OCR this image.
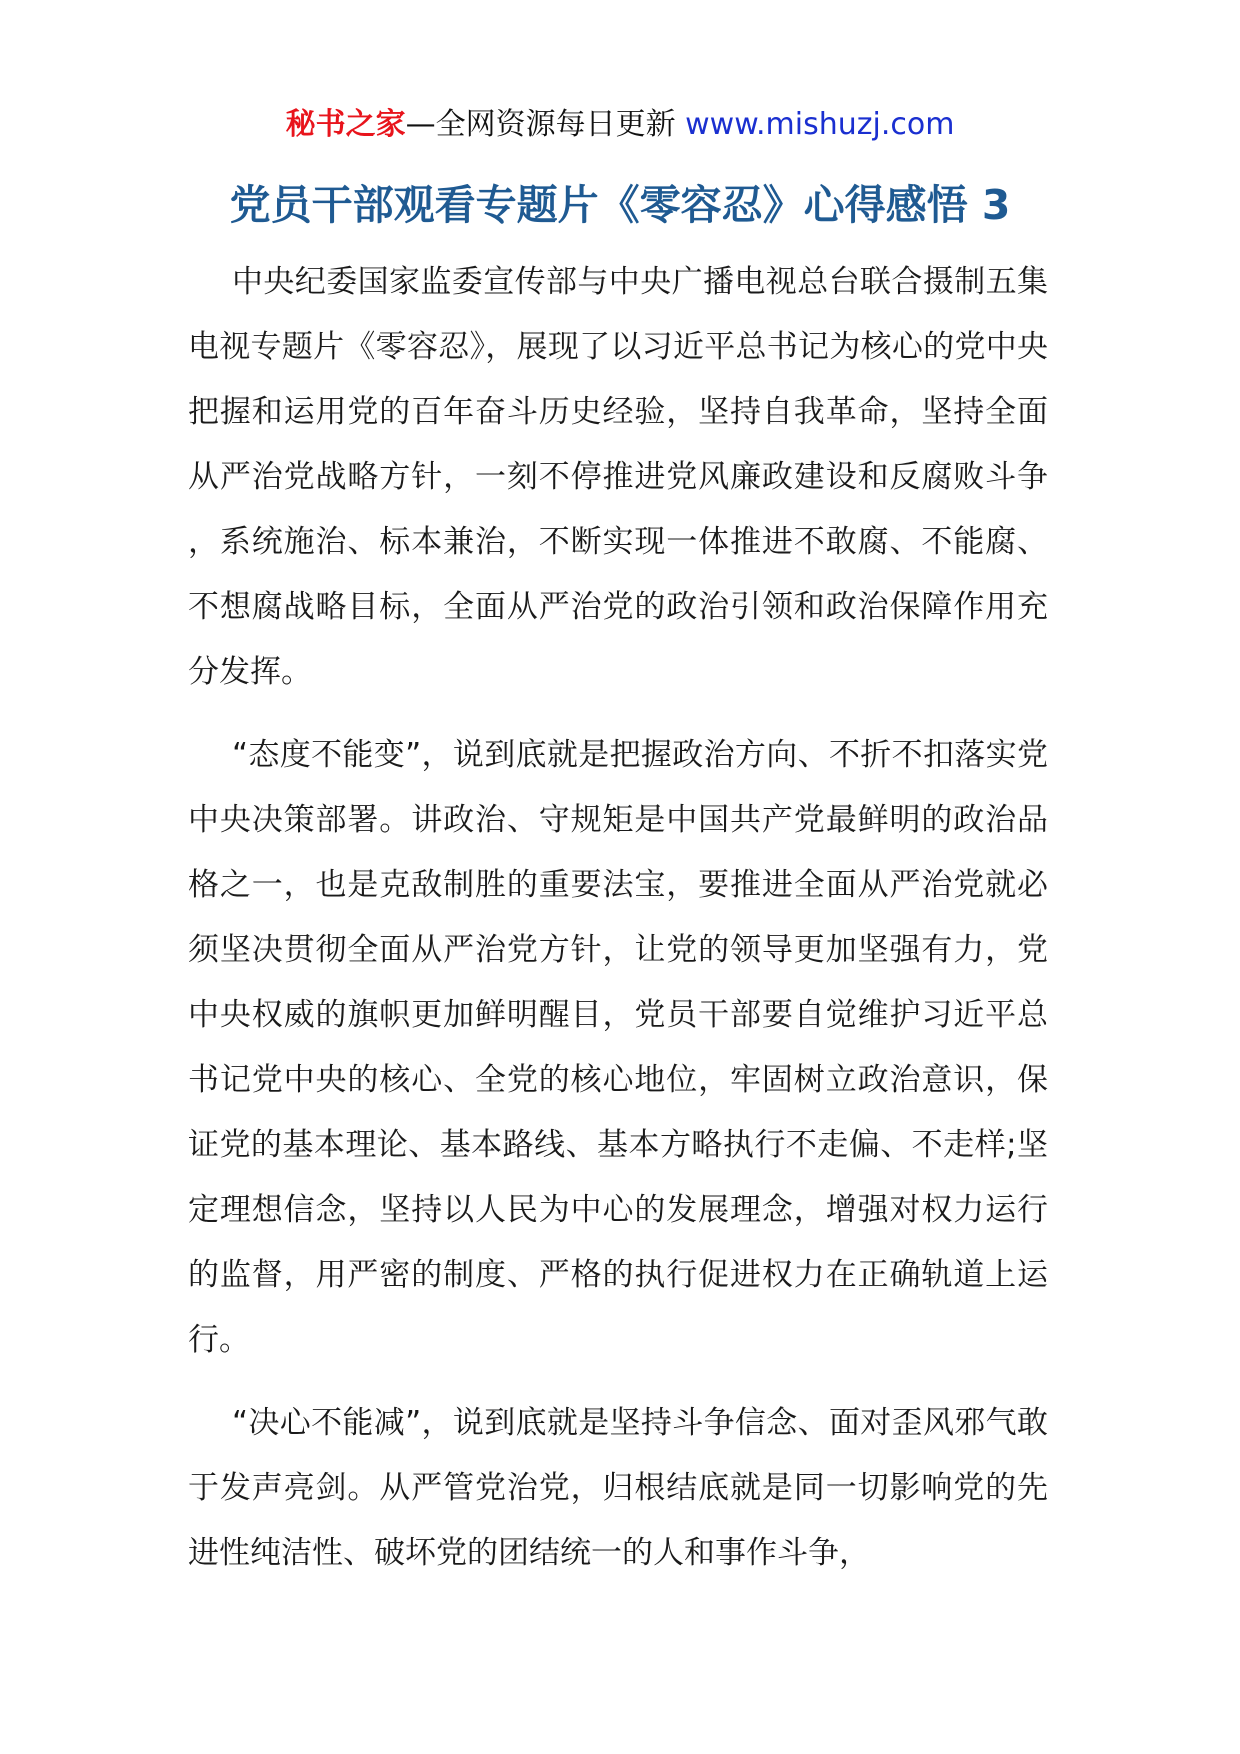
秘书之家—全网资源每日更新 www.mishuzj.com
党员干部观看专题片《零容忍》心得感悟 3

中央纪委国家监委宣传部与中央广播电视总台联合摄制五集电视专题片《零容忍》，展现了以习近平总书记为核心的党中央把握和运用党的百年奋斗历史经验，坚持自我革命，坚持全面从严治党战略方针，一刻不停推进党风廉政建设和反腐败斗争，系统施治、标本兼治，不断实现一体推进不敢腐、不能腐、不想腐战略目标，全面从严治党的政治引领和政治保障作用充分发挥。

“态度不能变”，说到底就是把握政治方向、不折不扣落实党中央决策部署。讲政治、守规矩是中国共产党最鲜明的政治品格之一，也是克敌制胜的重要法宝，要推进全面从严治党就必须坚决贯彻全面从严治党方针，让党的领导更加坚强有力，党中央权威的旗帜更加鲜明醒目，党员干部要自觉维护习近平总书记党中央的核心、全党的核心地位，牢固树立政治意识，保证党的基本理论、基本路线、基本方略执行不走偏、不走样;坚定理想信念，坚持以人民为中心的发展理念，增强对权力运行的监督，用严密的制度、严格的执行促进权力在正确轨道上运行。

“决心不能减”，说到底就是坚持斗争信念、面对歪风邪气敢于发声亮剑。从严管党治党，归根结底就是同一切影响党的先进性纯洁性、破坏党的团结统一的人和事作斗争，
